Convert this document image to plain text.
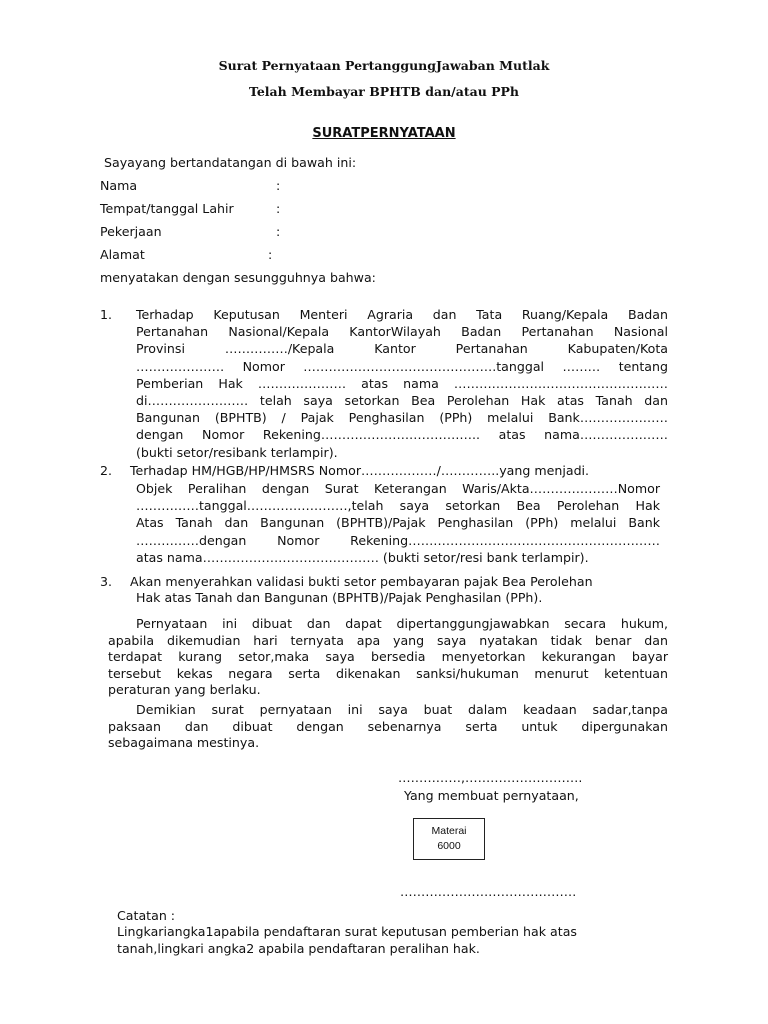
Surat Pernyataan PertanggungJawaban Mutlak
Telah Membayar BPHTB dan/atau PPh
SURATPERNYATAAN
Sayayang bertandatangan di bawah ini:
Nama	:
Tempat/tanggal Lahir	:
Pekerjaan	:
Alamat	:
menyatakan dengan sesungguhnya bahwa:
1. Terhadap Keputusan Menteri Agraria dan Tata Ruang/Kepala Badan
Pertanahan Nasional/Kepala KantorWilayah Badan Pertanahan Nasional
Provinsi ……………/Kepala Kantor Pertanahan Kabupaten/Kota
………………… Nomor ……………………………………….tanggal ……… tentang
Pemberian Hak ………………… atas nama ……………………………………………
di…………………… telah saya setorkan Bea Perolehan Hak atas Tanah dan
Bangunan (BPHTB) / Pajak Penghasilan (PPh) melalui Bank…………………
dengan Nomor Rekening……………………………….. atas nama…………………
(bukti setor/resibank terlampir).
2. Terhadap HM/HGB/HP/HMSRS Nomor………………/…………..yang menjadi.
Objek Peralihan dengan Surat Keterangan Waris/Akta…………………Nomor
……………tanggal……………………,telah saya setorkan Bea Perolehan Hak
Atas Tanah dan Bangunan (BPHTB)/Pajak Penghasilan (PPh) melalui Bank
……………dengan Nomor Rekening……………………………………………………
atas nama…………………………………… (bukti setor/resi bank terlampir).
3. Akan menyerahkan validasi bukti setor pembayaran pajak Bea Perolehan
Hak atas Tanah dan Bangunan (BPHTB)/Pajak Penghasilan (PPh).
Pernyataan ini dibuat dan dapat dipertanggungjawabkan secara hukum,
apabila dikemudian hari ternyata apa yang saya nyatakan tidak benar dan
terdapat kurang setor,maka saya bersedia menyetorkan kekurangan bayar
tersebut kekas negara serta dikenakan sanksi/hukuman menurut ketentuan
peraturan yang berlaku.
Demikian surat pernyataan ini saya buat dalam keadaan sadar,tanpa
paksaan dan dibuat dengan sebenarnya serta untuk dipergunakan
sebagaimana mestinya.
……………,……………………….
Yang membuat pernyataan,
Materai
6000
……………………………………
Catatan :
Lingkariangka1apabila pendaftaran surat keputusan pemberian hak atas
tanah,lingkari angka2 apabila pendaftaran peralihan hak.
